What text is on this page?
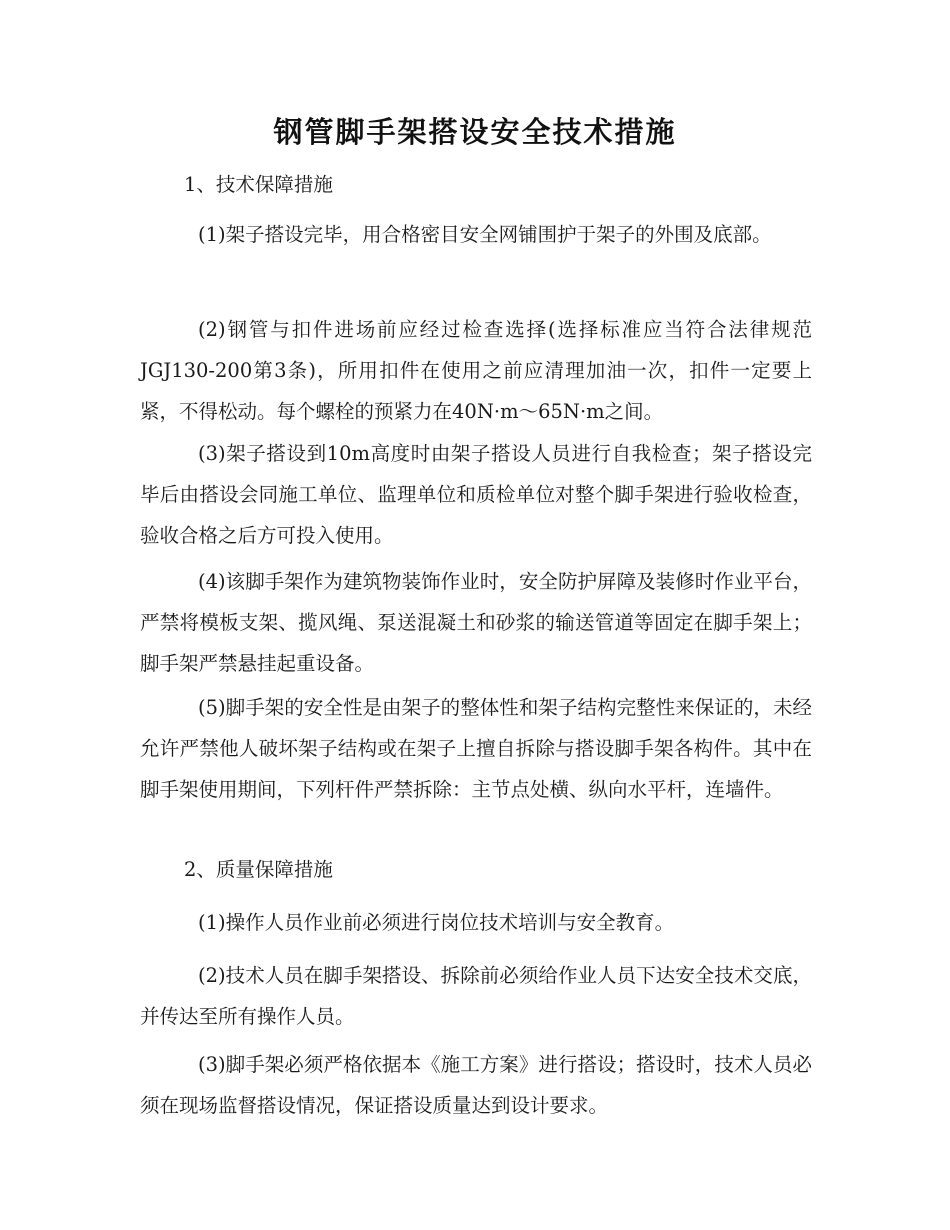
钢管脚手架搭设安全技术措施
1、技术保障措施
(1)架子搭设完毕，用合格密目安全网铺围护于架子的外围及底部。
(2)钢管与扣件进场前应经过检查选择(选择标准应当符合法律规范JGJ130-200第3条)，所用扣件在使用之前应清理加油一次，扣件一定要上紧，不得松动。每个螺栓的预紧力在40N·m～65N·m之间。
(3)架子搭设到10m高度时由架子搭设人员进行自我检查；架子搭设完毕后由搭设会同施工单位、监理单位和质检单位对整个脚手架进行验收检查，验收合格之后方可投入使用。
(4)该脚手架作为建筑物装饰作业时，安全防护屏障及装修时作业平台，严禁将模板支架、揽风绳、泵送混凝土和砂浆的输送管道等固定在脚手架上；脚手架严禁悬挂起重设备。
(5)脚手架的安全性是由架子的整体性和架子结构完整性来保证的，未经允许严禁他人破坏架子结构或在架子上擅自拆除与搭设脚手架各构件。其中在脚手架使用期间，下列杆件严禁拆除：主节点处横、纵向水平杆，连墙件。
2、质量保障措施
(1)操作人员作业前必须进行岗位技术培训与安全教育。
(2)技术人员在脚手架搭设、拆除前必须给作业人员下达安全技术交底，并传达至所有操作人员。
(3)脚手架必须严格依据本《施工方案》进行搭设；搭设时，技术人员必须在现场监督搭设情况，保证搭设质量达到设计要求。
